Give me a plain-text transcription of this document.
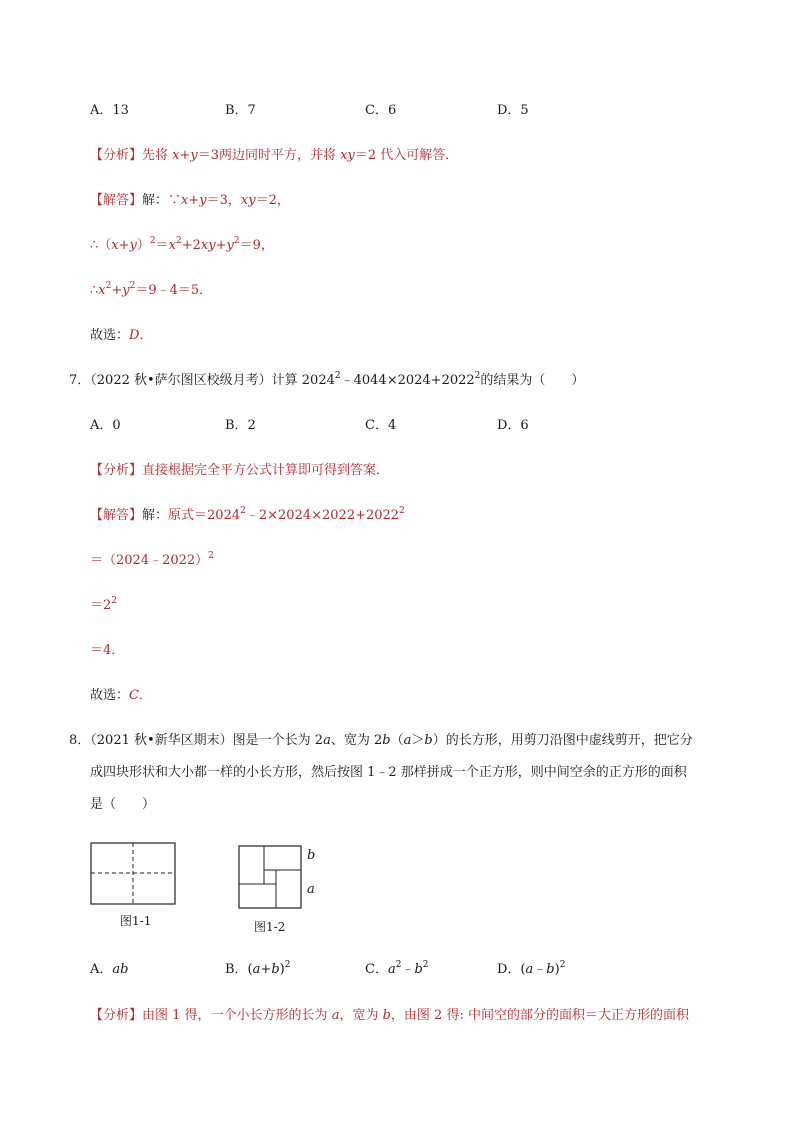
A．13	B．7	C．6	D．5
【分析】先将 x+y＝3两边同时平方，并将 xy＝2 代入可解答．
【解答】解：∵x+y＝3，xy＝2，
$\therefore(x+y)^2=x^2+2xy+y^2=9$，
$\therefore x^2+y^2=9﹣4=5$．
故选：D．
7．（2022 秋•萨尔图区校级月考）计算 $2024^2﹣4044\times 2024+2022^2$的结果为（　　）
A．0	B．2	C．4	D．6
【分析】直接根据完全平方公式计算即可得到答案．
【解答】解：原式$=2024^2﹣2\times 2024\times 2022+2022^2$
＝（2024﹣2022）$^2$
$=2^2$
＝4．
故选：C．
8．（2021 秋•新华区期末）图是一个长为 2a、宽为 2b（a＞b）的长方形，用剪刀沿图中虚线剪开，把它分
成四块形状和大小都一样的小长方形，然后按图 1﹣2 那样拼成一个正方形，则中间空余的正方形的面积
是（　　）
图1-1
b
a
图1-2
A．ab	B．$(a+b)^2$	C．$a^2﹣b^2$	D．(a﹣b)$^2$
【分析】由图 1 得，一个小长方形的长为 a，宽为 b，由图 2 得: 中间空的部分的面积＝大正方形的面积
